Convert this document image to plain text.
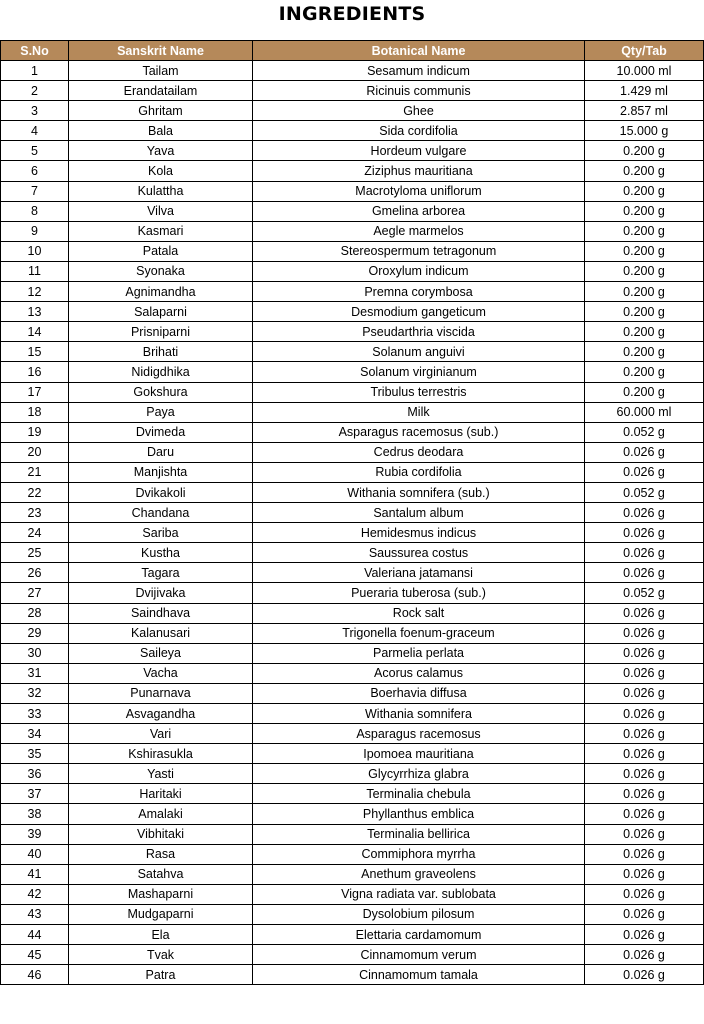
INGREDIENTS
S.No	Sanskrit Name	Botanical Name	Qty/Tab
1	Tailam	Sesamum indicum	10.000 ml
2	Erandatailam	Ricinuis communis	1.429 ml
3	Ghritam	Ghee	2.857 ml
4	Bala	Sida cordifolia	15.000 g
5	Yava	Hordeum vulgare	0.200 g
6	Kola	Ziziphus mauritiana	0.200 g
7	Kulattha	Macrotyloma uniflorum	0.200 g
8	Vilva	Gmelina arborea	0.200 g
9	Kasmari	Aegle marmelos	0.200 g
10	Patala	Stereospermum tetragonum	0.200 g
11	Syonaka	Oroxylum indicum	0.200 g
12	Agnimandha	Premna corymbosa	0.200 g
13	Salaparni	Desmodium gangeticum	0.200 g
14	Prisniparni	Pseudarthria viscida	0.200 g
15	Brihati	Solanum anguivi	0.200 g
16	Nidigdhika	Solanum virginianum	0.200 g
17	Gokshura	Tribulus terrestris	0.200 g
18	Paya	Milk	60.000 ml
19	Dvimeda	Asparagus racemosus (sub.)	0.052 g
20	Daru	Cedrus deodara	0.026 g
21	Manjishta	Rubia cordifolia	0.026 g
22	Dvikakoli	Withania somnifera (sub.)	0.052 g
23	Chandana	Santalum album	0.026 g
24	Sariba	Hemidesmus indicus	0.026 g
25	Kustha	Saussurea costus	0.026 g
26	Tagara	Valeriana jatamansi	0.026 g
27	Dvijivaka	Pueraria tuberosa (sub.)	0.052 g
28	Saindhava	Rock salt	0.026 g
29	Kalanusari	Trigonella foenum-graceum	0.026 g
30	Saileya	Parmelia perlata	0.026 g
31	Vacha	Acorus calamus	0.026 g
32	Punarnava	Boerhavia diffusa	0.026 g
33	Asvagandha	Withania somnifera	0.026 g
34	Vari	Asparagus racemosus	0.026 g
35	Kshirasukla	Ipomoea mauritiana	0.026 g
36	Yasti	Glycyrrhiza glabra	0.026 g
37	Haritaki	Terminalia chebula	0.026 g
38	Amalaki	Phyllanthus emblica	0.026 g
39	Vibhitaki	Terminalia bellirica	0.026 g
40	Rasa	Commiphora myrrha	0.026 g
41	Satahva	Anethum graveolens	0.026 g
42	Mashaparni	Vigna radiata var. sublobata	0.026 g
43	Mudgaparni	Dysolobium pilosum	0.026 g
44	Ela	Elettaria cardamomum	0.026 g
45	Tvak	Cinnamomum verum	0.026 g
46	Patra	Cinnamomum tamala	0.026 g
